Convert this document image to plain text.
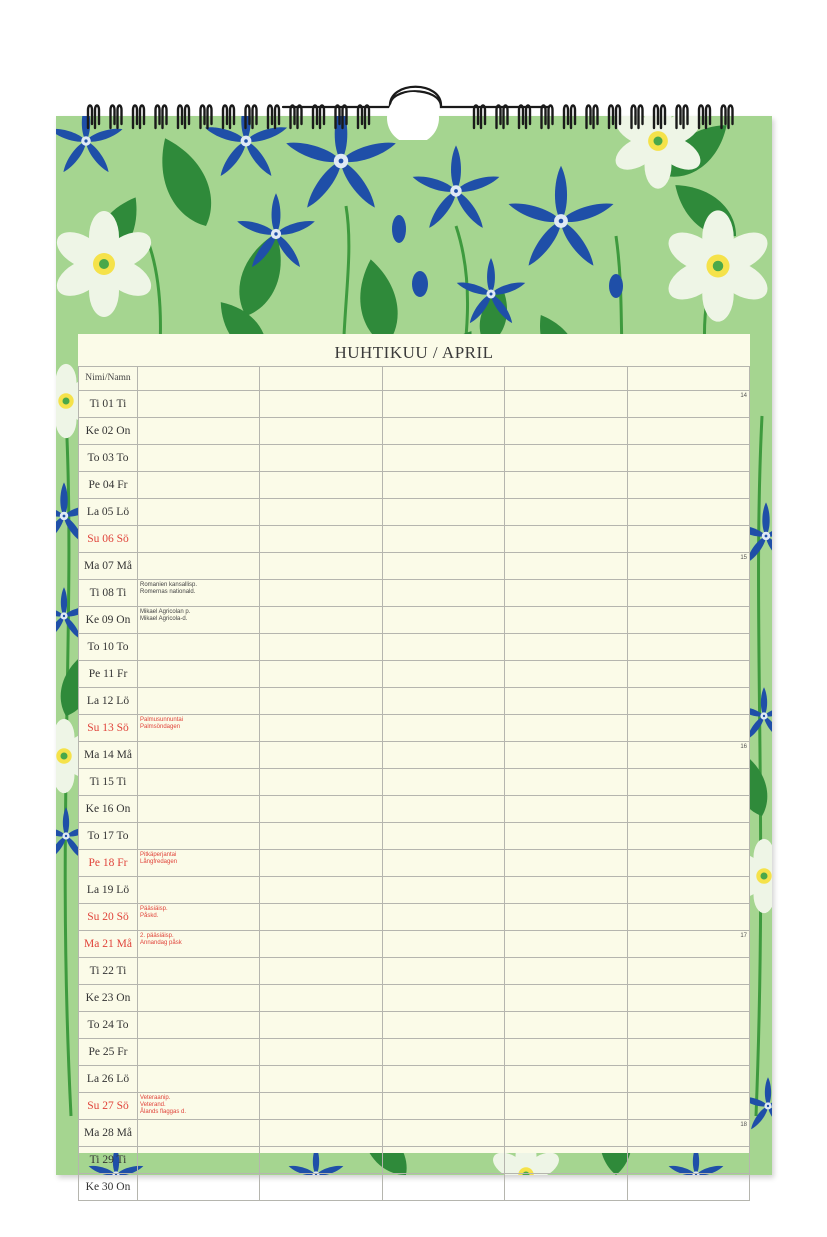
HUHTIKUU / APRIL
Nimi/Namn					
Ti 01 Ti					14

Ke 02 On					
To 03 To					
Pe 04 Fr					
La 05 Lö					
Su 06 Sö					
Ma 07 Må					15

Ti 08 Ti	Romanien kansallisp.
Romernas nationald.				

Ke 09 On	Mikael Agricolan p.
Mikael Agricola-d.				

To 10 To					
Pe 11 Fr					
La 12 Lö					
Su 13 Sö	Palmusunnuntai
Palmsöndagen				

Ma 14 Må					16

Ti 15 Ti					
Ke 16 On					
To 17 To					
Pe 18 Fr	Pitkäperjantai
Långfredagen				

La 19 Lö					
Su 20 Sö	Pääsiäisp.
Påskd.				

Ma 21 Må	2. pääsiäisp.
Annandag påsk				17

Ti 22 Ti					
Ke 23 On					
To 24 To					
Pe 25 Fr					
La 26 Lö					
Su 27 Sö	Veteraanip.
Veterand.
Ålands flaggas d.				

Ma 28 Må					18

Ti 29 Ti					
Ke 30 On					
